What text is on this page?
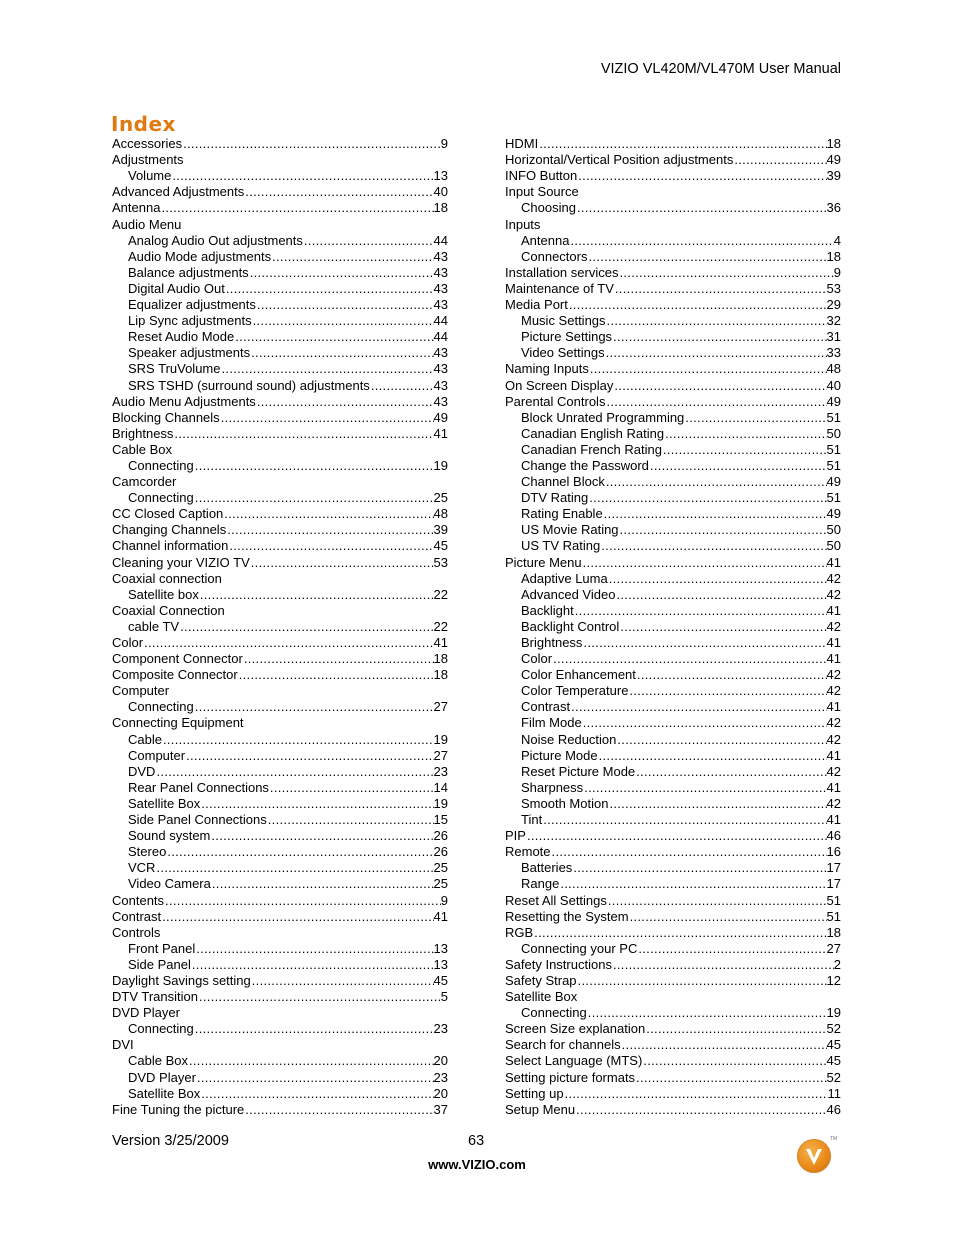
VIZIO VL420M/VL470M User Manual
Index
Accessories .....	9
Adjustments
Volume .....	13
Advanced Adjustments .....	40
Antenna .....	18
Audio Menu
Analog Audio Out adjustments .....	44
Audio Mode adjustments .....	43
Balance adjustments .....	43
Digital Audio Out .....	43
Equalizer adjustments .....	43
Lip Sync adjustments .....	44
Reset Audio Mode .....	44
Speaker adjustments .....	43
SRS TruVolume .....	43
SRS TSHD (surround sound) adjustments .....	43
Audio Menu Adjustments .....	43
Blocking Channels .....	49
Brightness .....	41
Cable Box
Connecting .....	19
Camcorder
Connecting .....	25
CC Closed Caption .....	48
Changing Channels .....	39
Channel information .....	45
Cleaning your VIZIO TV .....	53
Coaxial connection
Satellite box .....	22
Coaxial Connection
cable TV .....	22
Color .....	41
Component Connector .....	18
Composite Connector .....	18
Computer
Connecting .....	27
Connecting Equipment
Cable .....	19
Computer .....	27
DVD .....	23
Rear Panel Connections .....	14
Satellite Box .....	19
Side Panel Connections .....	15
Sound system .....	26
Stereo .....	26
VCR .....	25
Video Camera .....	25
Contents .....	9
Contrast .....	41
Controls
Front Panel .....	13
Side Panel .....	13
Daylight Savings setting .....	45
DTV Transition .....	5
DVD Player
Connecting .....	23
DVI
Cable Box .....	20
DVD Player .....	23
Satellite Box .....	20
Fine Tuning the picture .....	37
HDMI .....	18
Horizontal/Vertical Position adjustments .....	49
INFO Button .....	39
Input Source
Choosing .....	36
Inputs
Antenna .....	4
Connectors .....	18
Installation services .....	9
Maintenance of TV .....	53
Media Port .....	29
Music Settings .....	32
Picture Settings .....	31
Video Settings .....	33
Naming Inputs .....	48
On Screen Display .....	40
Parental Controls .....	49
Block Unrated Programming .....	51
Canadian English Rating .....	50
Canadian French Rating .....	51
Change the Password .....	51
Channel Block .....	49
DTV Rating .....	51
Rating Enable .....	49
US Movie Rating .....	50
US TV Rating .....	50
Picture Menu .....	41
Adaptive Luma .....	42
Advanced Video .....	42
Backlight .....	41
Backlight Control .....	42
Brightness .....	41
Color .....	41
Color Enhancement .....	42
Color Temperature .....	42
Contrast .....	41
Film Mode .....	42
Noise Reduction .....	42
Picture Mode .....	41
Reset Picture Mode .....	42
Sharpness .....	41
Smooth Motion .....	42
Tint .....	41
PIP .....	46
Remote .....	16
Batteries .....	17
Range .....	17
Reset All Settings .....	51
Resetting the System .....	51
RGB .....	18
Connecting your PC .....	27
Safety Instructions .....	2
Safety Strap .....	12
Satellite Box
Connecting .....	19
Screen Size explanation .....	52
Search for channels .....	45
Select Language (MTS) .....	45
Setting picture formats .....	52
Setting up .....	11
Setup Menu .....	46
Version 3/25/2009	63
www.VIZIO.com
TM
